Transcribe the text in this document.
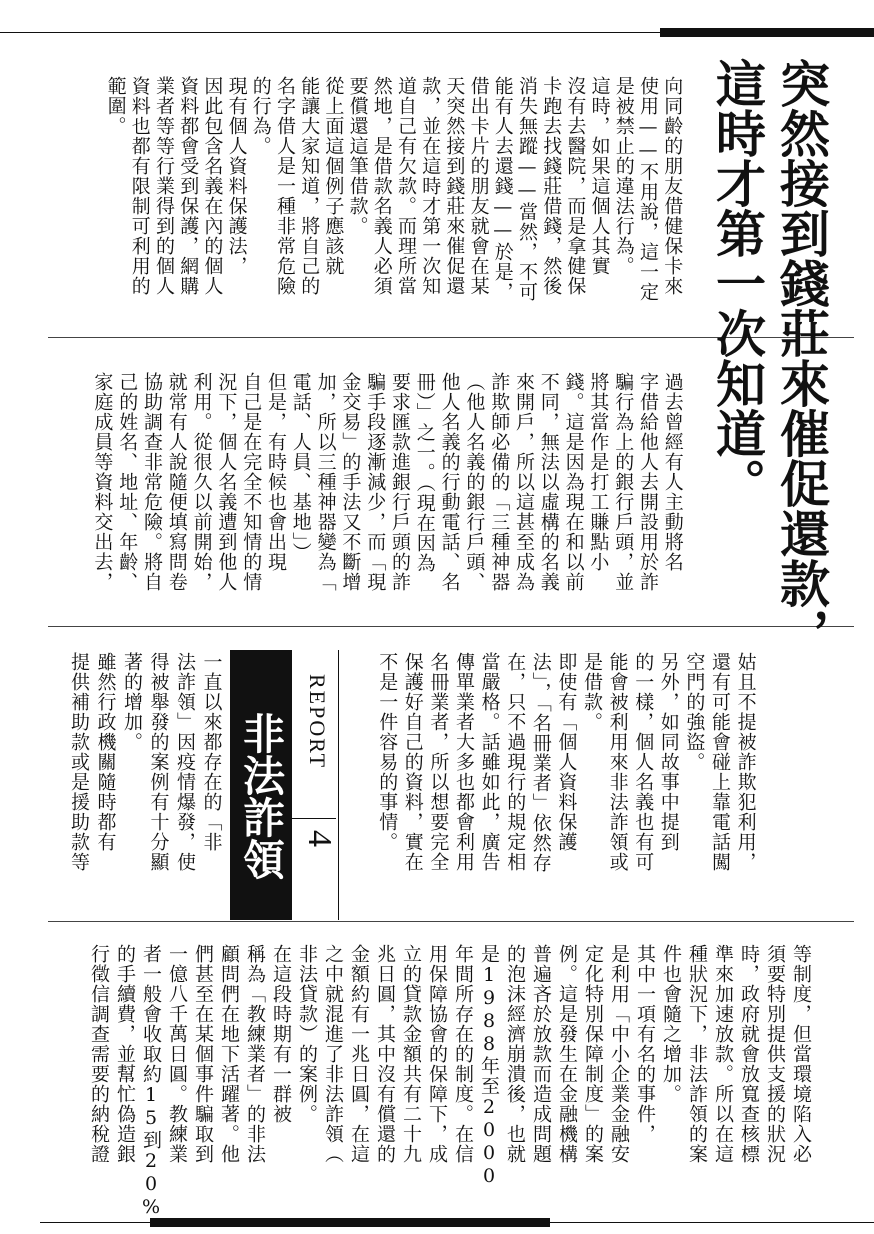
突然接到錢莊來催促還款，
這時才第一次知道。
向同齡的朋友借健保卡來
使用——不用說，這一定
是被禁止的違法行為。
這時，如果這個人其實
沒有去醫院，而是拿健保
卡跑去找錢莊借錢，然後
消失無蹤——當然，不可
能有人去還錢——於是，
借出卡片的朋友就會在某
天突然接到錢莊來催促還
款，並在這時才第一次知
道自己有欠款。而理所當
然地，是借款名義人必須
要償還這筆借款。
從上面這個例子應該就
能讓大家知道，將自己的
名字借人是一種非常危險
的行為。
現有個人資料保護法，
因此包含名義在內的個人
資料都會受到保護，網購
業者等等行業得到的個人
資料也都有限制可利用的
範圍。
過去曾經有人主動將名
字借給他人去開設用於詐
騙行為上的銀行戶頭，並
將其當作是打工賺點小
錢。這是因為現在和以前
不同，無法以虛構的名義
來開戶，所以這甚至成為
詐欺師必備的「三種神器
（他人名義的銀行戶頭、
他人名義的行動電話、名
冊）」之一。（現在因為
要求匯款進銀行戶頭的詐
騙手段逐漸減少，而「現
金交易」的手法又不斷增
加，所以三種神器變為「
電話、人員、基地」）
但是，有時候也會出現
自己是在完全不知情的情
況下，個人名義遭到他人
利用。從很久以前開始，
就常有人說隨便填寫問卷
協助調查非常危險。將自
己的姓名、地址、年齡、
家庭成員等資料交出去，
姑且不提被詐欺犯利用，
還有可能會碰上靠電話闖
空門的強盜。
另外，如同故事中提到
的一樣，個人名義也有可
能會被利用來非法詐領或
是借款。
即使有「個人資料保護
法」，「名冊業者」依然存
在，只不過現行的規定相
當嚴格。話雖如此，廣告
傳單業者大多也都會利用
名冊業者，所以想要完全
保護好自己的資料，實在
不是一件容易的事情。
一直以來都存在的「非
法詐領」因疫情爆發，使
得被舉發的案例有十分顯
著的增加。
雖然行政機關隨時都有
提供補助款或是援助款等
等制度，但當環境陷入必
須要特別提供支援的狀況
時，政府就會放寬查核標
準來加速放款。所以在這
種狀況下，非法詐領的案
件也會隨之增加。
其中一項有名的事件，
是利用「中小企業金融安
定化特別保障制度」的案
例。這是發生在金融機構
普遍吝於放款而造成問題
的泡沫經濟崩潰後，也就
是1988年至2000
年間所存在的制度。在信
用保障協會的保障下，成
立的貸款金額共有二十九
兆日圓，其中沒有償還的
金額約有一兆日圓，在這
之中就混進了非法詐領（
非法貸款）的案例。
在這段時期有一群被
稱為「教練業者」的非法
顧問們在地下活躍著。他
們甚至在某個事件騙取到
一億八千萬日圓。教練業
者一般會收取約15到20%
的手續費，並幫忙偽造銀
行徵信調查需要的納稅證
非法詐領 REPORT
4
